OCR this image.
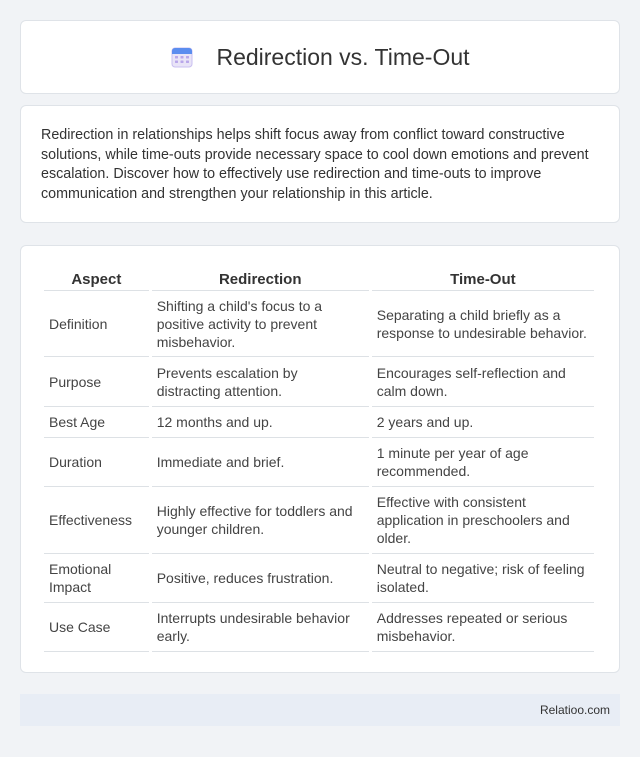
Redirection vs. Time-Out

Redirection in relationships helps shift focus away from conflict toward constructive solutions, while time-outs provide necessary space to cool down emotions and prevent escalation. Discover how to effectively use redirection and time-outs to improve communication and strengthen your relationship in this article.

Aspect	Redirection	Time-Out
Definition	Shifting a child's focus to a positive activity to prevent misbehavior.	Separating a child briefly as a response to undesirable behavior.
Purpose	Prevents escalation by distracting attention.	Encourages self-reflection and calm down.
Best Age	12 months and up.	2 years and up.
Duration	Immediate and brief.	1 minute per year of age recommended.
Effectiveness	Highly effective for toddlers and younger children.	Effective with consistent application in preschoolers and older.
Emotional Impact	Positive, reduces frustration.	Neutral to negative; risk of feeling isolated.
Use Case	Interrupts undesirable behavior early.	Addresses repeated or serious misbehavior.
Relatioo.com
